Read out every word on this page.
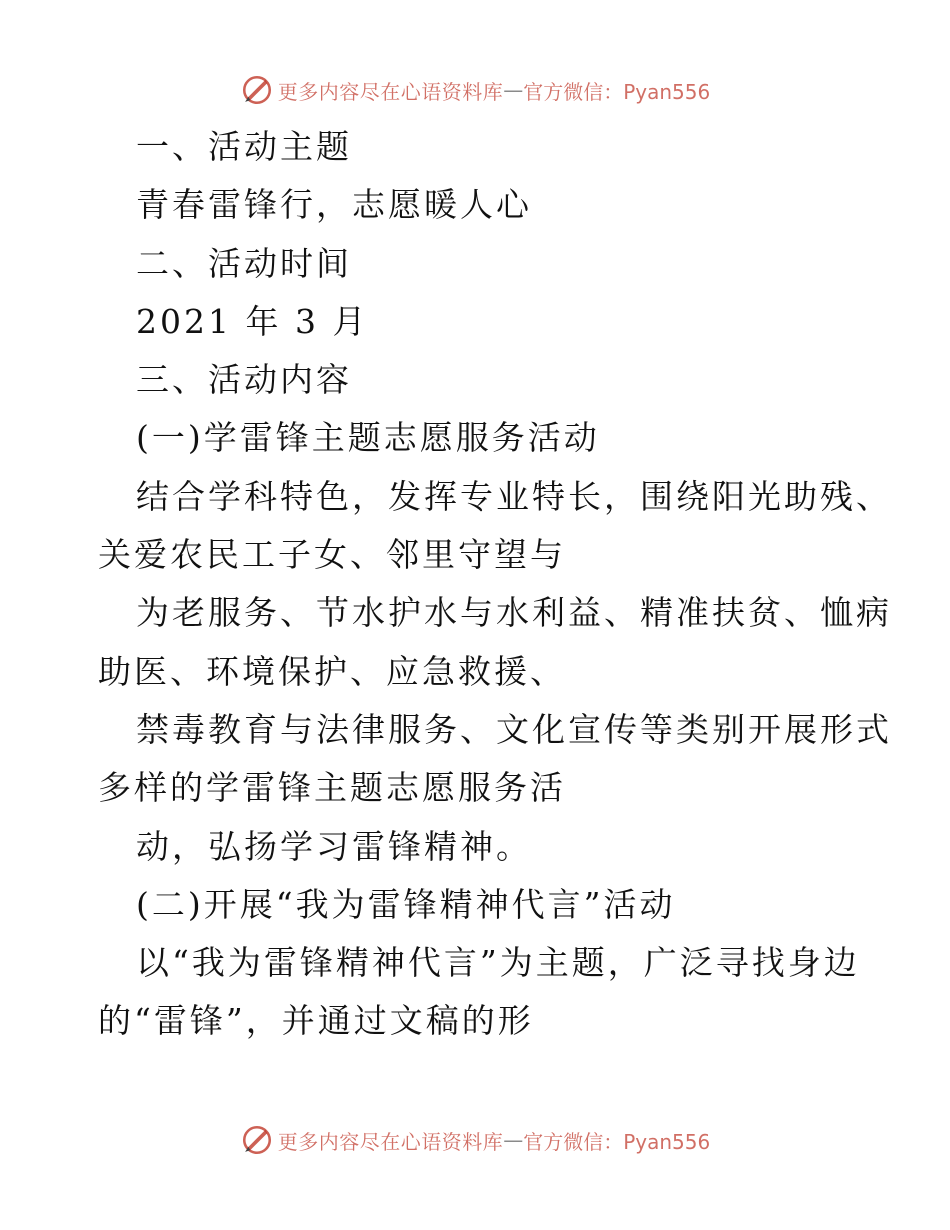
更多内容尽在心语资料库 — 官方微信：Pyan556
一、活动主题
青春雷锋行，志愿暖人心
二、活动时间
2021 年 3 月
三、活动内容
(一)学雷锋主题志愿服务活动
结合学科特色，发挥专业特长，围绕阳光助残、
关爱农民工子女、邻里守望与
为老服务、节水护水与水利益、精准扶贫、恤病
助医、环境保护、应急救援、
禁毒教育与法律服务、文化宣传等类别开展形式
多样的学雷锋主题志愿服务活
动，弘扬学习雷锋精神。
(二)开展“我为雷锋精神代言”活动
以“我为雷锋精神代言”为主题，广泛寻找身边
的“雷锋”，并通过文稿的形
更多内容尽在心语资料库 — 官方微信：Pyan556
